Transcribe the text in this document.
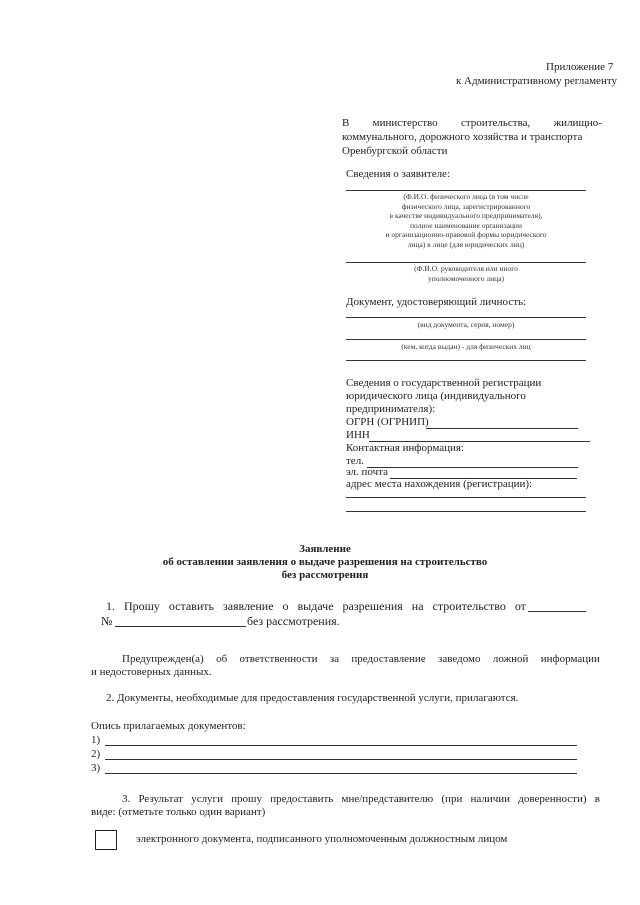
Приложение 7
к Административному регламенту
В министерство строительства, жилищно-
коммунального, дорожного хозяйства и транспорта
Оренбургской области
Сведения о заявителе:
(Ф.И.О. физического лица (в том числе
физического лица, зарегистрированного
в качестве индивидуального предпринимателя),
полное наименование организации
и организационно-правовой формы юридического
лица) в лице (для юридических лиц)
(Ф.И.О. руководителя или иного
уполномоченного лица)
Документ, удостоверяющий личность:
(вид документа, серия, номер)
(кем, когда выдан) - для физических лиц
Сведения о государственной регистрации
юридического лица (индивидуального
предпринимателя):
ОГРН (ОГРНИП)
ИНН
Контактная информация:
тел.
эл. почта
адрес места нахождения (регистрации):
Заявление
об оставлении заявления о выдаче разрешения на строительство
без рассмотрения
1. Прошу оставить заявление о выдаче разрешения на строительство от
№	без рассмотрения.
Предупрежден(а) об ответственности за предоставление заведомо ложной информации
и недостоверных данных.
2. Документы, необходимые для предоставления государственной услуги, прилагаются.
Опись прилагаемых документов:
1)
2)
3)
3. Результат услуги прошу предоставить мне/представителю (при наличии доверенности) в
виде: (отметьте только один вариант)
электронного документа, подписанного уполномоченным должностным лицом
